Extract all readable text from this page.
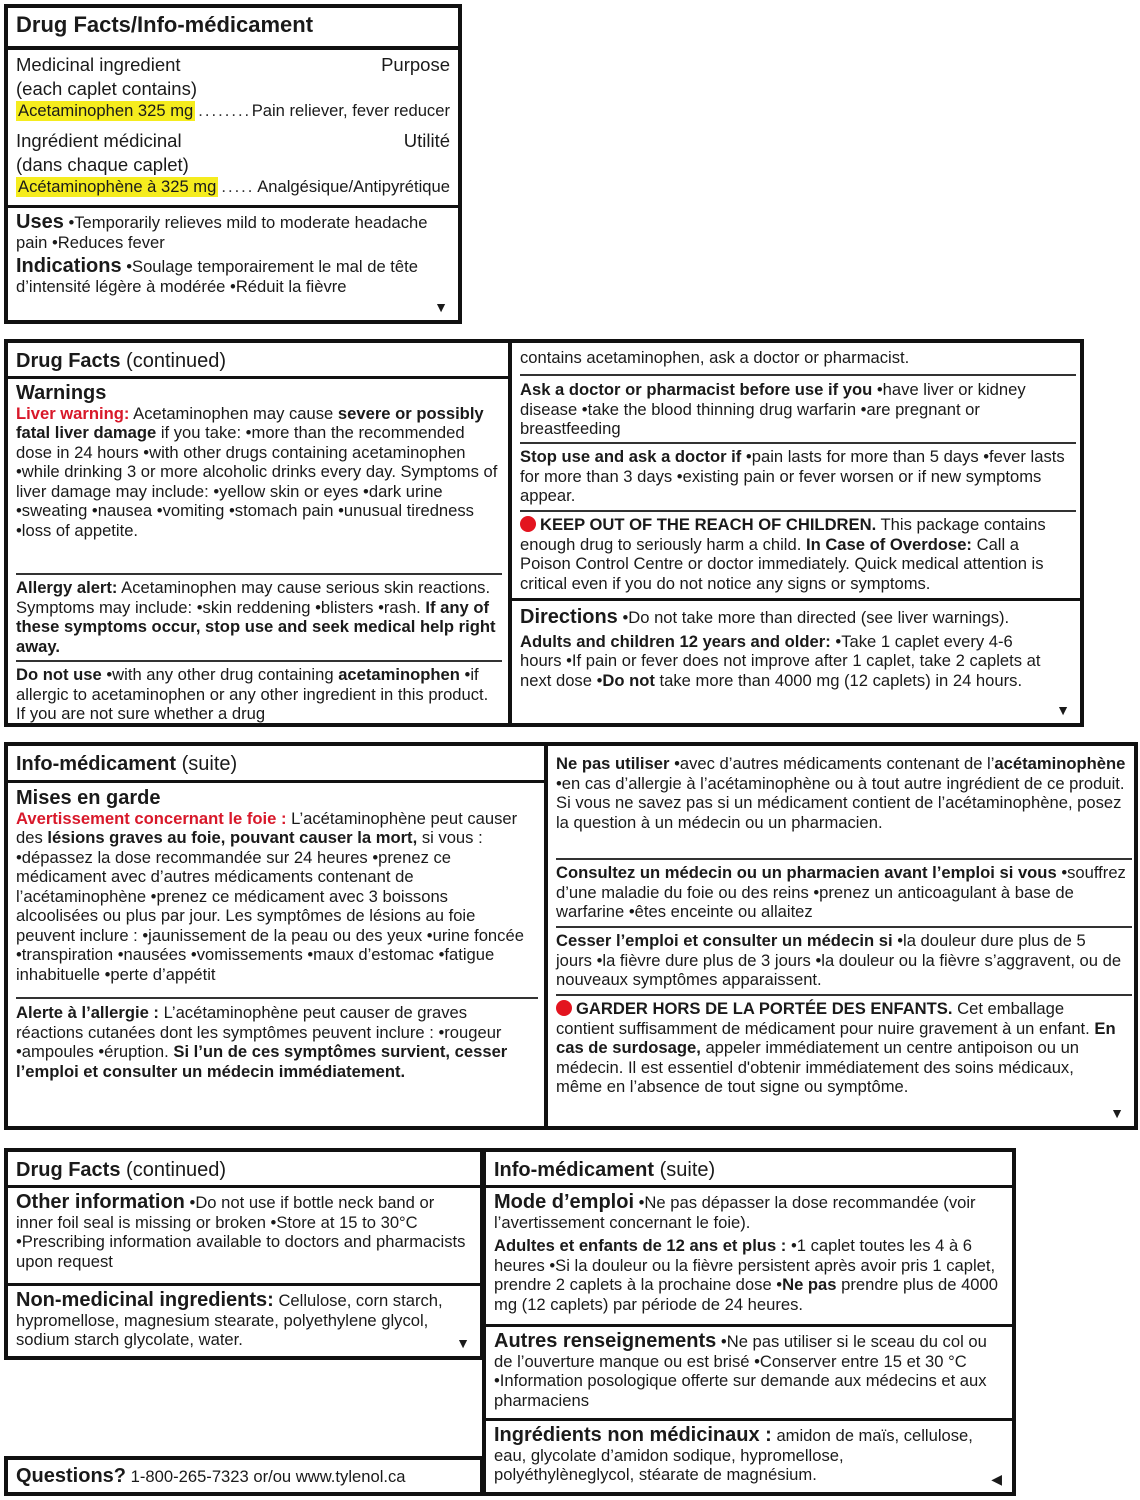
Drug Facts/Info-médicament
Medicinal ingredient	Purpose
(each caplet contains)
Acetaminophen 325 mg .....	Pain reliever, fever reducer
Ingrédient médicinal	Utilité
(dans chaque caplet)
Acétaminophène à 325 mg ..... Analgésique/Antipyrétique
Uses •Temporarily relieves mild to moderate headache pain •Reduces fever
Indications •Soulage temporairement le mal de tête d’intensité légère à modérée •Réduit la fièvre
▼
Drug Facts (continued)
Warnings
Liver warning: Acetaminophen may cause severe or possibly fatal liver damage if you take: •more than the recommended dose in 24 hours •with other drugs containing acetaminophen •while drinking 3 or more alcoholic drinks every day. Symptoms of liver damage may include: •yellow skin or eyes •dark urine •sweating •nausea •vomiting •stomach pain •unusual tiredness •loss of appetite.
Allergy alert: Acetaminophen may cause serious skin reactions. Symptoms may include: •skin reddening •blisters •rash. If any of these symptoms occur, stop use and seek medical help right away.
Do not use •with any other drug containing acetaminophen •if allergic to acetaminophen or any other ingredient in this product. If you are not sure whether a drug
contains acetaminophen, ask a doctor or pharmacist.
Ask a doctor or pharmacist before use if you •have liver or kidney disease •take the blood thinning drug warfarin •are pregnant or breastfeeding
Stop use and ask a doctor if •pain lasts for more than 5 days •fever lasts for more than 3 days •existing pain or fever worsen or if new symptoms appear.
KEEP OUT OF THE REACH OF CHILDREN. This package contains enough drug to seriously harm a child. In Case of Overdose: Call a Poison Control Centre or doctor immediately. Quick medical attention is critical even if you do not notice any signs or symptoms.
Directions •Do not take more than directed (see liver warnings).
Adults and children 12 years and older: •Take 1 caplet every 4-6 hours •If pain or fever does not improve after 1 caplet, take 2 caplets at next dose •Do not take more than 4000 mg (12 caplets) in 24 hours.
▼
Info-médicament (suite)
Mises en garde
Avertissement concernant le foie : L’acétaminophène peut causer des lésions graves au foie, pouvant causer la mort, si vous : •dépassez la dose recommandée sur 24 heures •prenez ce médicament avec d’autres médicaments contenant de l’acétaminophène •prenez ce médicament avec 3 boissons alcoolisées ou plus par jour. Les symptômes de lésions au foie peuvent inclure : •jaunissement de la peau ou des yeux •urine foncée •transpiration •nausées •vomissements •maux d’estomac •fatigue inhabituelle •perte d’appétit
Alerte à l’allergie : L’acétaminophène peut causer de graves réactions cutanées dont les symptômes peuvent inclure : •rougeur •ampoules •éruption. Si l’un de ces symptômes survient, cesser l’emploi et consulter un médecin immédiatement.
Ne pas utiliser •avec d’autres médicaments contenant de l’acétaminophène •en cas d’allergie à l’acétaminophène ou à tout autre ingrédient de ce produit. Si vous ne savez pas si un médicament contient de l’acétaminophène, posez la question à un médecin ou un pharmacien.
Consultez un médecin ou un pharmacien avant l’emploi si vous •souffrez d’une maladie du foie ou des reins •prenez un anticoagulant à base de warfarine •êtes enceinte ou allaitez
Cesser l’emploi et consulter un médecin si •la douleur dure plus de 5 jours •la fièvre dure plus de 3 jours •la douleur ou la fièvre s’aggravent, ou de nouveaux symptômes apparaissent.
GARDER HORS DE LA PORTÉE DES ENFANTS. Cet emballage contient suffisamment de médicament pour nuire gravement à un enfant. En cas de surdosage, appeler immédiatement un centre antipoison ou un médecin. Il est essentiel d'obtenir immédiatement des soins médicaux, même en l’absence de tout signe ou symptôme.
▼
Drug Facts (continued)
Other information •Do not use if bottle neck band or inner foil seal is missing or broken •Store at 15 to 30°C •Prescribing information available to doctors and pharmacists upon request
Non-medicinal ingredients: Cellulose, corn starch, hypromellose, magnesium stearate, polyethylene glycol, sodium starch glycolate, water.	▼
Questions? 1-800-265-7323 or/ou www.tylenol.ca
Info-médicament (suite)
Mode d’emploi •Ne pas dépasser la dose recommandée (voir l’avertissement concernant le foie).
Adultes et enfants de 12 ans et plus : •1 caplet toutes les 4 à 6 heures •Si la douleur ou la fièvre persistent après avoir pris 1 caplet, prendre 2 caplets à la prochaine dose •Ne pas prendre plus de 4000 mg (12 caplets) par période de 24 heures.
Autres renseignements •Ne pas utiliser si le sceau du col ou de l’ouverture manque ou est brisé •Conserver entre 15 et 30 °C •Information posologique offerte sur demande aux médecins et aux pharmaciens
Ingrédients non médicinaux : amidon de maïs, cellulose, eau, glycolate d’amidon sodique, hypromellose, polyéthylèneglycol, stéarate de magnésium.	◀
